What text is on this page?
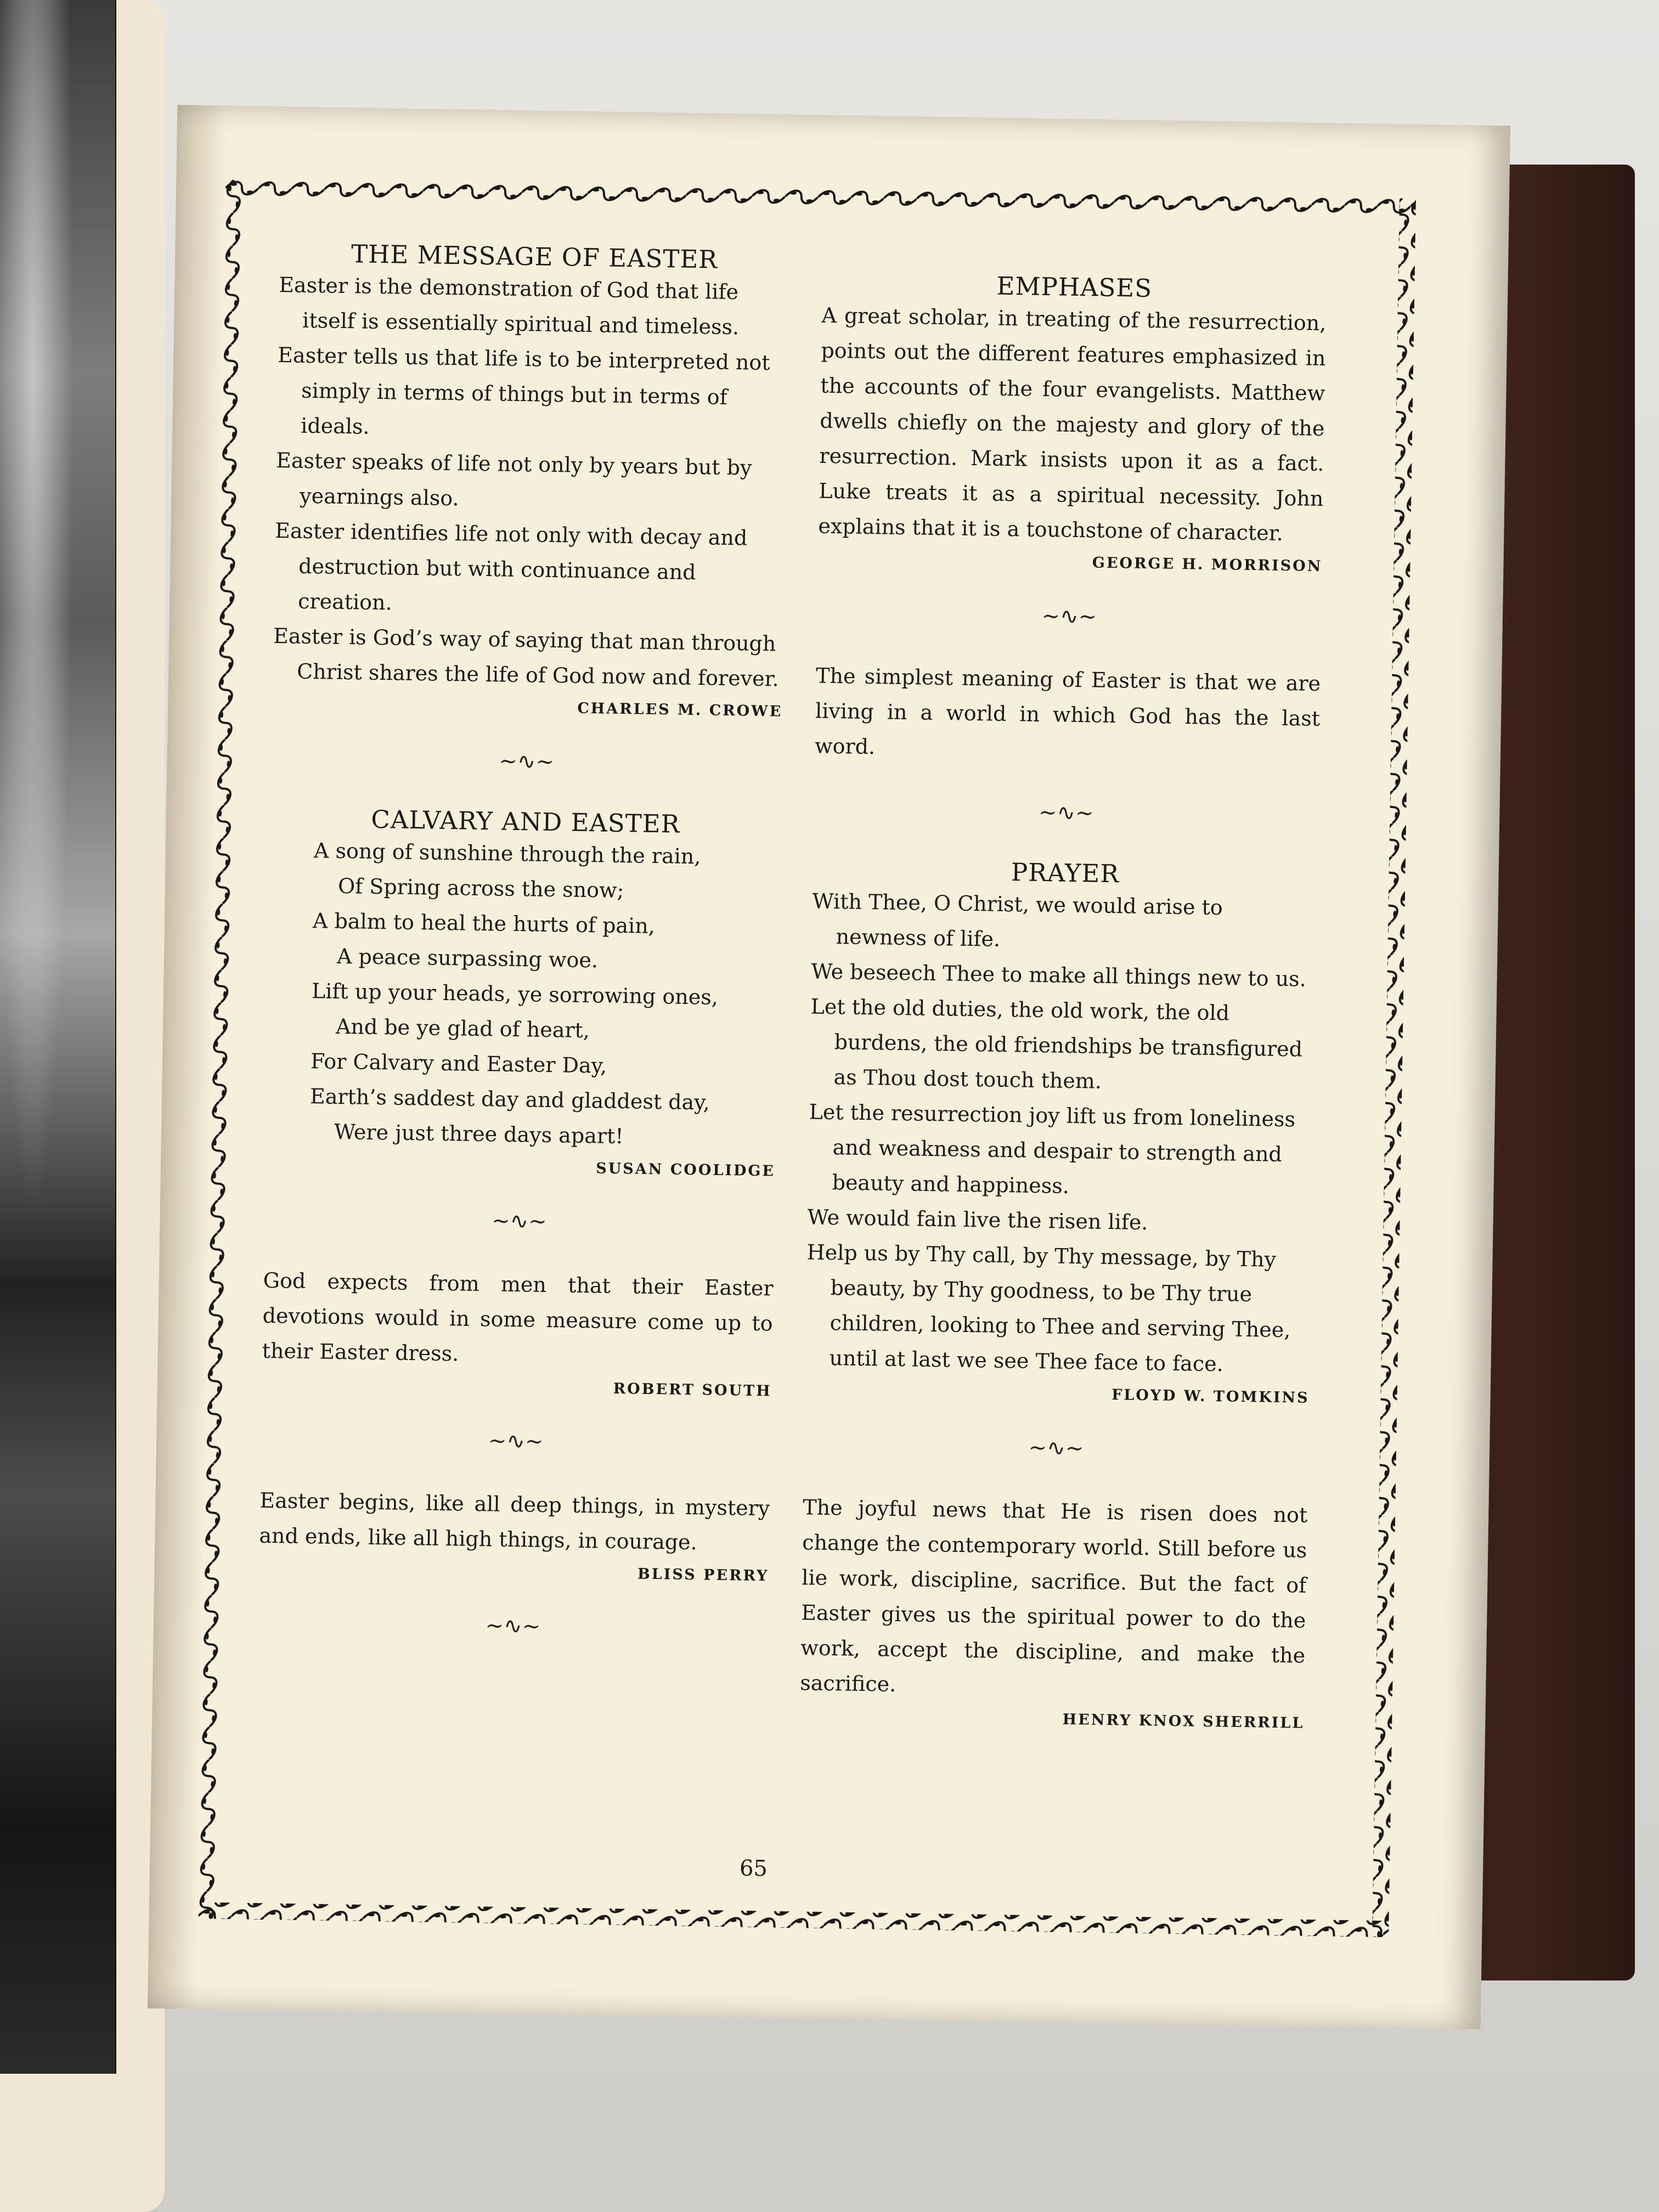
THE MESSAGE OF EASTER

Easter is the demonstration of God that life itself is essentially spiritual and timeless.

Easter tells us that life is to be interpreted not simply in terms of things but in terms of ideals.

Easter speaks of life not only by years but by yearnings also.

Easter identifies life not only with decay and destruction but with continuance and creation.

Easter is God’s way of saying that man through Christ shares the life of God now and forever.

CHARLES M. CROWE

~∿~

CALVARY AND EASTER

A song of sunshine through the rain,

Of Spring across the snow;

A balm to heal the hurts of pain,

A peace surpassing woe.

Lift up your heads, ye sorrowing ones,

And be ye glad of heart,

For Calvary and Easter Day,

Earth’s saddest day and gladdest day,

Were just three days apart!

SUSAN COOLIDGE

~∿~

God expects from men that their Easter devotions would in some measure come up to their Easter dress.

ROBERT SOUTH

~∿~

Easter begins, like all deep things, in mystery and ends, like all high things, in courage.

BLISS PERRY

~∿~

EMPHASES

A great scholar, in treating of the resurrection, points out the different features emphasized in the accounts of the four evangelists. Matthew dwells chiefly on the majesty and glory of the resurrection. Mark insists upon it as a fact. Luke treats it as a spiritual necessity. John explains that it is a touchstone of character.

GEORGE H. MORRISON

~∿~

The simplest meaning of Easter is that we are living in a world in which God has the last word.

~∿~

PRAYER

With Thee, O Christ, we would arise to newness of life.

We beseech Thee to make all things new to us.

Let the old duties, the old work, the old burdens, the old friendships be transfigured as Thou dost touch them.

Let the resurrection joy lift us from loneliness and weakness and despair to strength and beauty and happiness.

We would fain live the risen life.

Help us by Thy call, by Thy message, by Thy beauty, by Thy goodness, to be Thy true children, looking to Thee and serving Thee, until at last we see Thee face to face.

FLOYD W. TOMKINS

~∿~

The joyful news that He is risen does not change the contemporary world. Still before us lie work, discipline, sacrifice. But the fact of Easter gives us the spiritual power to do the work, accept the discipline, and make the sacrifice.

HENRY KNOX SHERRILL

65
